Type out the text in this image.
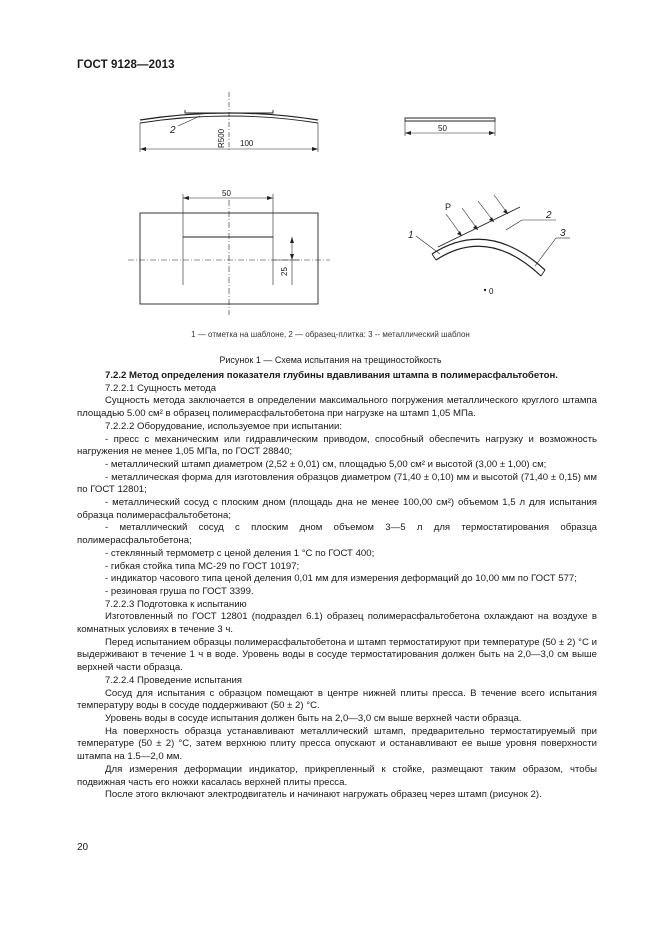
ГОСТ 9128—2013
2	R500 100
50
50
25
P
1
2
3
0
1 — отметка на шаблоне, 2 — образец-плитка: 3 -- металлический шаблон
Рисунок 1 — Схема испытания на трещиностойкость

7.2.2 Метод определения показателя глубины вдавливания штампа в полимерасфальтобетон.

7.2.2.1 Сущность метода

Сущность метода заключается в определении максимального погружения металлического круглого штампа площадью 5.00 см² в образец полимерасфальтобетона при нагрузке на штамп 1,05 МПа.

7.2.2.2 Оборудование, используемое при испытании:

- пресс с механическим или гидравлическим приводом, способный обеспечить нагрузку и возможность нагружения не менее 1,05 МПа, по ГОСТ 28840;

- металлический штамп диаметром (2,52 ± 0,01) см, площадью 5,00 см² и высотой (3,00 ± 1,00) см;

- металлическая форма для изготовления образцов диаметром (71,40 ± 0,10) мм и высотой (71,40 ± 0,15) мм по ГОСТ 12801;

- металлический сосуд с плоским дном (площадь дна не менее 100,00 см²) объемом 1,5 л для испытания образца полимерасфальтобетона;

- металлический сосуд с плоским дном объемом 3—5 л для термостатирования образца полимерасфальтобетона;

- стеклянный термометр с ценой деления 1 °С по ГОСТ 400;

- гибкая стойка типа МС-29 по ГОСТ 10197;

- индикатор часового типа ценой деления 0,01 мм для измерения деформаций до 10,00 мм по ГОСТ 577;

- резиновая груша по ГОСТ 3399.

7.2.2.3 Подготовка к испытанию

Изготовленный по ГОСТ 12801 (подраздел 6.1) образец полимерасфальтобетона охлаждают на воздухе в комнатных условиях в течение 3 ч.

Перед испытанием образцы полимерасфальтобетона и штамп термостатируют при температуре (50 ± 2) °С и выдерживают в течение 1 ч в воде. Уровень воды в сосуде термостатирования должен быть на 2,0—3,0 см выше верхней части образца.

7.2.2.4 Проведение испытания

Сосуд для испытания с образцом помещают в центре нижней плиты пресса. В течение всего испытания температуру воды в сосуде поддерживают (50 ± 2) °С.

Уровень воды в сосуде испытания должен быть на 2,0—3,0 см выше верхней части образца.

На поверхность образца устанавливают металлический штамп, предварительно термостатируемый при температуре (50 ± 2) °С, затем верхнюю плиту пресса опускают и останавливают ее выше уровня поверхности штампа на 1.5—2,0 мм.

Для измерения деформации индикатор, прикрепленный к стойке, размещают таким образом, чтобы подвижная часть его ножки касалась верхней плиты пресса.

После этого включают электродвигатель и начинают нагружать образец через штамп (рисунок 2).

20
